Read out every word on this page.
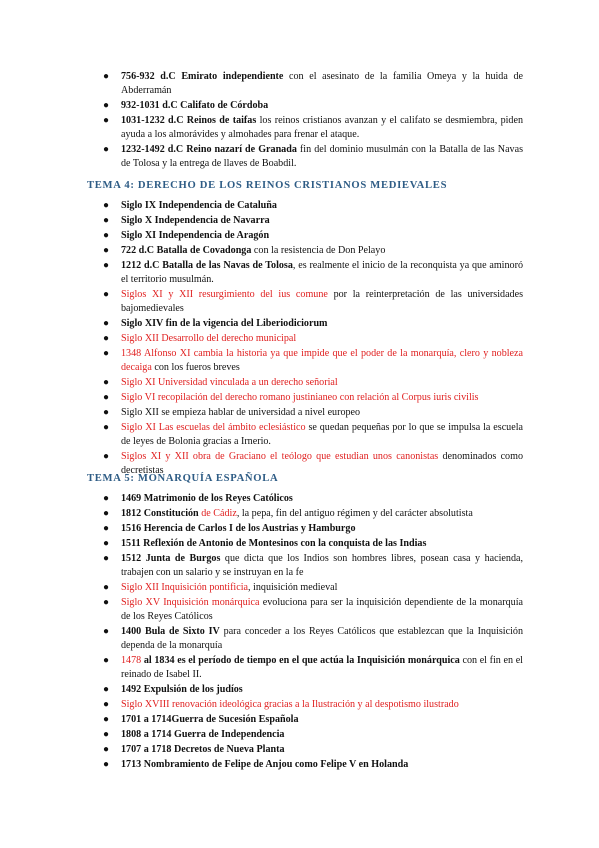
● 756-932 d.C Emirato independiente con el asesinato de la familia Omeya y la huida de Abderramán
● 932-1031 d.C Califato de Córdoba
● 1031-1232 d.C Reinos de taifas los reinos cristianos avanzan y el califato se desmiembra, piden ayuda a los almorávides y almohades para frenar el ataque.
● 1232-1492 d.C Reino nazarí de Granada fin del dominio musulmán con la Batalla de las Navas de Tolosa y la entrega de llaves de Boabdil.
TEMA 4: DERECHO DE LOS REINOS CRISTIANOS MEDIEVALES
● Siglo IX Independencia de Cataluña
● Siglo X Independencia de Navarra
● Siglo XI Independencia de Aragón
● 722 d.C Batalla de Covadonga con la resistencia de Don Pelayo
● 1212 d.C Batalla de las Navas de Tolosa, es realmente el inicio de la reconquista ya que aminoró el territorio musulmán.
● Siglos XI y XII resurgimiento del ius comune por la reinterpretación de las universidades bajomedievales
● Siglo XIV fin de la vigencia del Liberiodiciorum
● Siglo XII Desarrollo del derecho municipal
● 1348 Alfonso XI cambia la historia ya que impide que el poder de la monarquía, clero y nobleza decaiga con los fueros breves
● Siglo XI Universidad vinculada a un derecho señorial
● Siglo VI recopilación del derecho romano justinianeo con relación al Corpus iuris civilis
● Siglo XII se empieza hablar de universidad a nivel europeo
● Siglo XI Las escuelas del ámbito eclesiástico se quedan pequeñas por lo que se impulsa la escuela de leyes de Bolonia gracias a Irnerio.
● Siglos XI y XII obra de Graciano el teólogo que estudian unos canonistas denominados como decretistas
TEMA 5: MONARQUÍA ESPAÑOLA
● 1469 Matrimonio de los Reyes Católicos
● 1812 Constitución de Cádiz, la pepa, fin del antiguo régimen y del carácter absolutista
● 1516 Herencia de Carlos I de los Austrias y Hamburgo
● 1511 Reflexión de Antonio de Montesinos con la conquista de las Indias
● 1512 Junta de Burgos que dicta que los Indios son hombres libres, posean casa y hacienda, trabajen con un salario y se instruyan en la fe
● Siglo XII Inquisición pontificia, inquisición medieval
● Siglo XV Inquisición monárquica evoluciona para ser la inquisición dependiente de la monarquía de los Reyes Católicos
● 1400 Bula de Sixto IV para conceder a los Reyes Católicos que establezcan que la Inquisición dependa de la monarquía
● 1478 al 1834 es el período de tiempo en el que actúa la Inquisición monárquica con el fin en el reinado de Isabel II.
● 1492 Expulsión de los judíos
● Siglo XVIII renovación ideológica gracias a la Ilustración y al despotismo ilustrado
● 1701 a 1714Guerra de Sucesión Española
● 1808 a 1714 Guerra de Independencia
● 1707 a 1718 Decretos de Nueva Planta
● 1713 Nombramiento de Felipe de Anjou como Felipe V en Holanda
